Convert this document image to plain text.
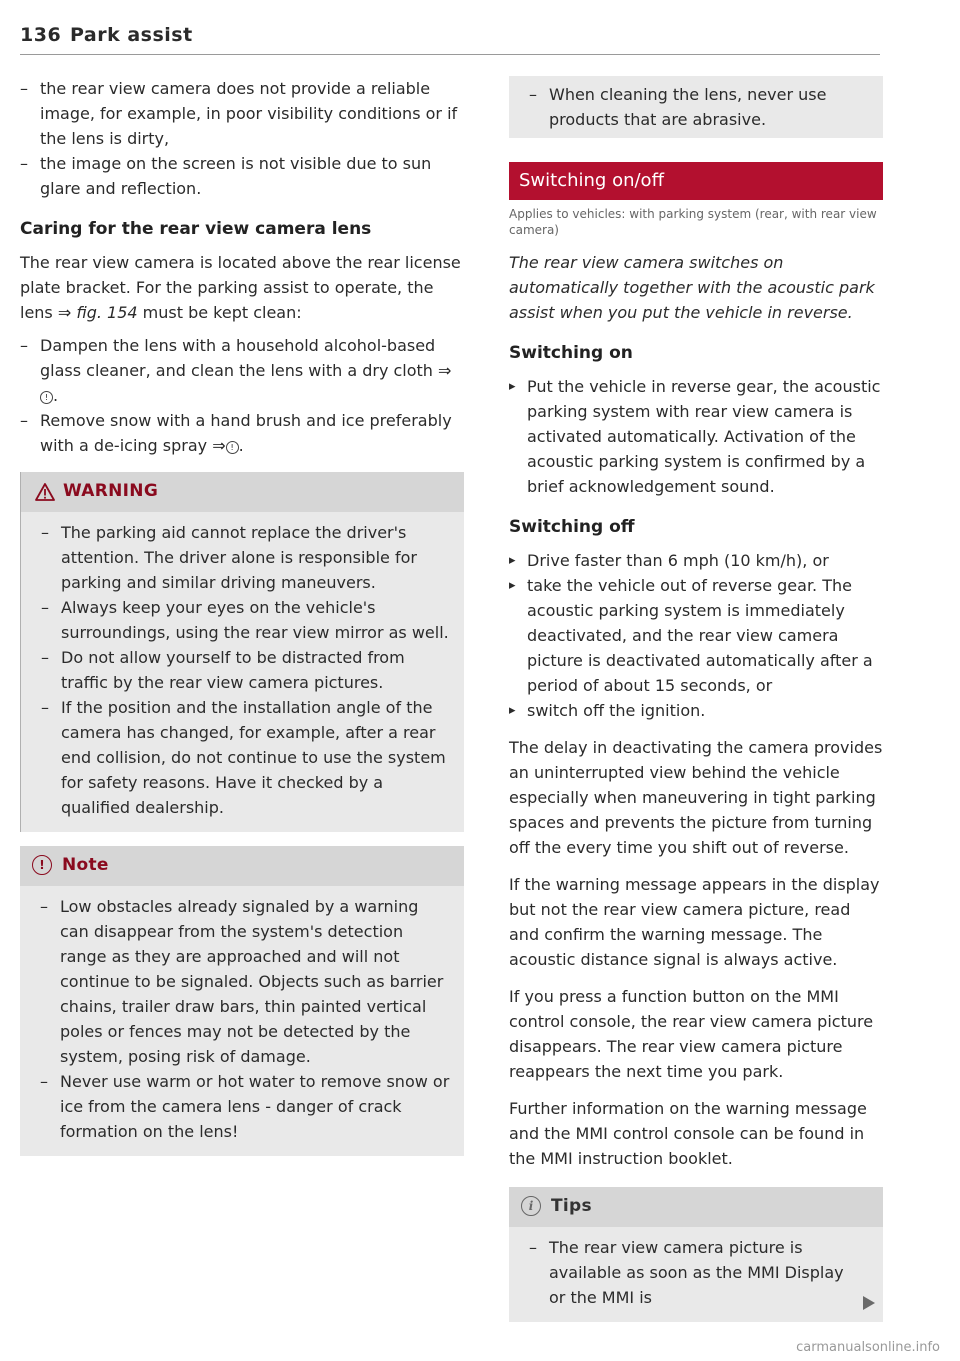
136 Park assist
– the rear view camera does not provide a reliable image, for example, in poor visibility conditions or if the lens is dirty,
– the image on the screen is not visible due to sun glare and reflection.
Caring for the rear view camera lens

The rear view camera is located above the rear license plate bracket. For the parking assist to operate, the lens ⇒ fig. 154 must be kept clean:

– Dampen the lens with a household alcohol-based glass cleaner, and clean the lens with a dry cloth ⇒! .
– Remove snow with a hand brush and ice preferably with a de-icing spray ⇒ ! .
WARNING
– The parking aid cannot replace the driver's attention. The driver alone is responsible for parking and similar driving maneuvers.
– Always keep your eyes on the vehicle's surroundings, using the rear view mirror as well.
– Do not allow yourself to be distracted from traffic by the rear view camera pictures.
– If the position and the installation angle of the camera has changed, for example, after a rear end collision, do not continue to use the system for safety reasons. Have it checked by a qualified dealership.
!	Note
– Low obstacles already signaled by a warning can disappear from the system's detection range as they are approached and will not continue to be signaled. Objects such as barrier chains, trailer draw bars, thin painted vertical poles or fences may not be detected by the system, posing risk of damage.
– Never use warm or hot water to remove snow or ice from the camera lens - danger of crack formation on the lens!
– When cleaning the lens, never use products that are abrasive.
Switching on/off
Applies to vehicles: with parking system (rear, with rear view camera)

The rear view camera switches on automatically together with the acoustic park assist when you put the vehicle in reverse.

Switching on
▸ Put the vehicle in reverse gear, the acoustic parking system with rear view camera is activated automatically. Activation of the acoustic parking system is confirmed by a brief acknowledgement sound.
Switching off
▸ Drive faster than 6 mph (10 km/h), or
▸ take the vehicle out of reverse gear. The acoustic parking system is immediately deactivated, and the rear view camera picture is deactivated automatically after a period of about 15 seconds, or
▸ switch off the ignition.

The delay in deactivating the camera provides an uninterrupted view behind the vehicle especially when maneuvering in tight parking spaces and prevents the picture from turning off the every time you shift out of reverse.

If the warning message appears in the display but not the rear view camera picture, read and confirm the warning message. The acoustic distance signal is always active.

If you press a function button on the MMI control console, the rear view camera picture disappears. The rear view camera picture reappears the next time you park.

Further information on the warning message and the MMI control console can be found in the MMI instruction booklet.

i	Tips
– The rear view camera picture is available as soon as the MMI Display or the MMI is
carmanualsonline.info
